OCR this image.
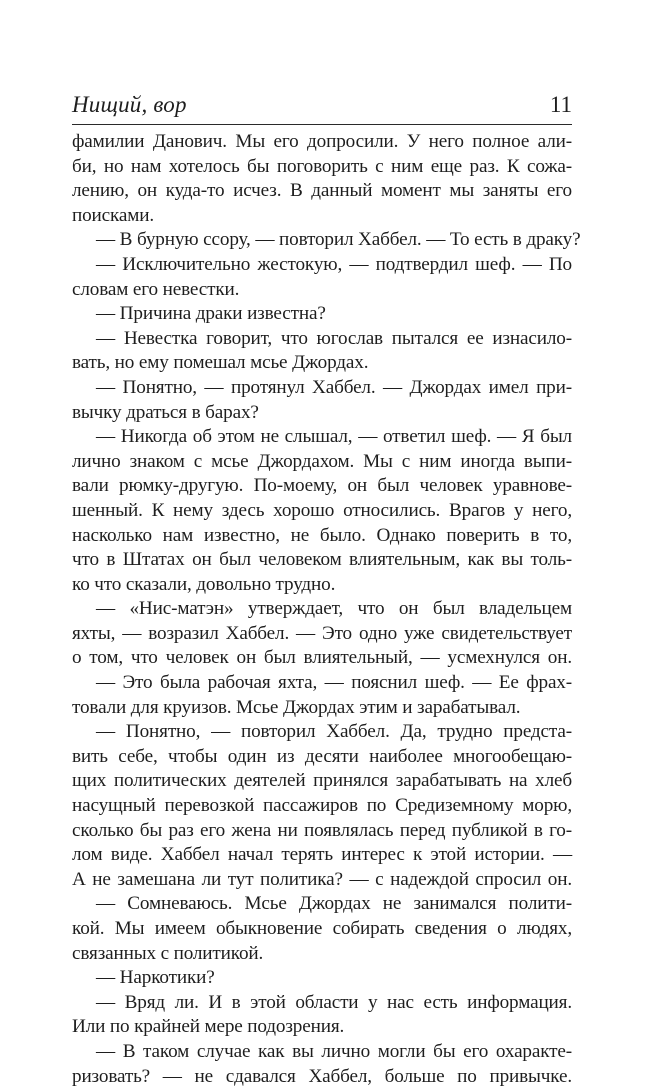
Нищий, вор	11
фамилии Данович. Мы его допросили. У него полное али-
би, но нам хотелось бы поговорить с ним еще раз. К сожа-
лению, он куда-то исчез. В данный момент мы заняты его
поисками.
— В бурную ссору, — повторил Хаббел. — То есть в драку?
— Исключительно жестокую, — подтвердил шеф. — По
словам его невестки.
— Причина драки известна?
— Невестка говорит, что югослав пытался ее изнасило-
вать, но ему помешал мсье Джордах.
— Понятно, — протянул Хаббел. — Джордах имел при-
вычку драться в барах?
— Никогда об этом не слышал, — ответил шеф. — Я был
лично знаком с мсье Джордахом. Мы с ним иногда выпи-
вали рюмку-другую. По-моему, он был человек уравнове-
шенный. К нему здесь хорошо относились. Врагов у него,
насколько нам известно, не было. Однако поверить в то,
что в Штатах он был человеком влиятельным, как вы толь-
ко что сказали, довольно трудно.
— «Нис-матэн» утверждает, что он был владельцем
яхты, — возразил Хаббел. — Это одно уже свидетельствует
о том, что человек он был влиятельный, — усмехнулся он.
— Это была рабочая яхта, — пояснил шеф. — Ее фрах-
товали для круизов. Мсье Джордах этим и зарабатывал.
— Понятно, — повторил Хаббел. Да, трудно предста-
вить себе, чтобы один из десяти наиболее многообещаю-
щих политических деятелей принялся зарабатывать на хлеб
насущный перевозкой пассажиров по Средиземному морю,
сколько бы раз его жена ни появлялась перед публикой в го-
лом виде. Хаббел начал терять интерес к этой истории. —
А не замешана ли тут политика? — с надеждой спросил он.
— Сомневаюсь. Мсье Джордах не занимался полити-
кой. Мы имеем обыкновение собирать сведения о людях,
связанных с политикой.
— Наркотики?
— Вряд ли. И в этой области у нас есть информация.
Или по крайней мере подозрения.
— В таком случае как вы лично могли бы его охаракте-
ризовать? — не сдавался Хаббел, больше по привычке.
